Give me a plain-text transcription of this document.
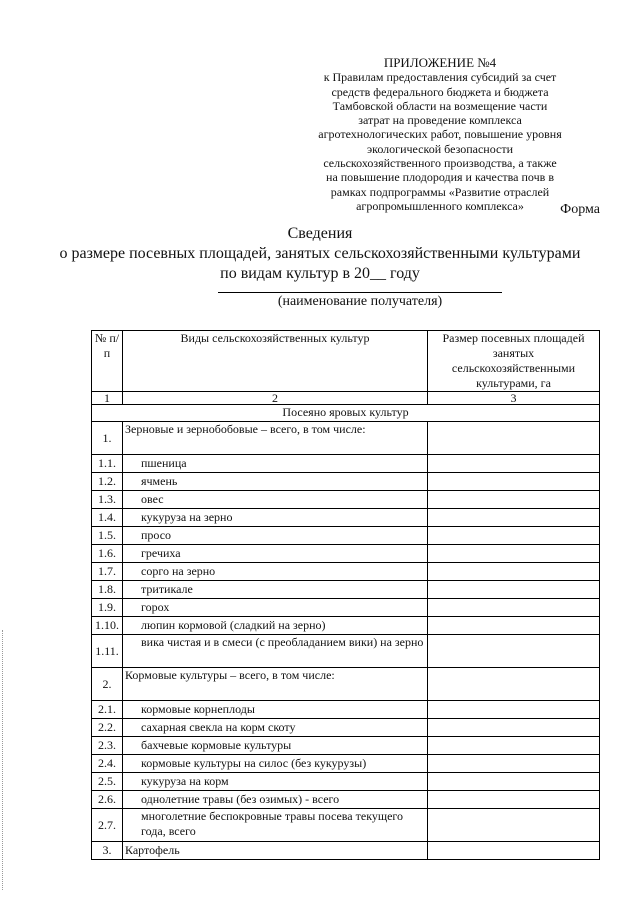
ПРИЛОЖЕНИЕ №4
к Правилам предоставления субсидий за счет
средств федерального бюджета и бюджета
Тамбовской области на возмещение части
затрат на проведение комплекса
агротехнологических работ, повышение уровня
экологической безопасности
сельскохозяйственного производства, а также
на повышение плодородия и качества почв в
рамках подпрограммы «Развитие отраслей
агропромышленного комплекса»	Форма
Сведения
о размере посевных площадей, занятых сельскохозяйственными культурами
по видам культур в 20__ году
(наименование получателя)
№ п/п	Виды сельскохозяйственных культур	Размер посевных площадей занятых сельскохозяйственными культурами, га
1	2	3
Посеяно яровых культур		
1.	Зерновые и зернобобовые – всего, в том числе:	
1.1.	пшеница	
1.2.	ячмень	
1.3.	овес	
1.4.	кукуруза на зерно	
1.5.	просо	
1.6.	гречиха	
1.7.	сорго на зерно	
1.8.	тритикале	
1.9.	горох	
1.10.	люпин кормовой (сладкий на зерно)	
1.11.	вика чистая и в смеси (с преобладанием вики) на зерно	
2.	Кормовые культуры – всего, в том числе:	
2.1.	кормовые корнеплоды	
2.2.	сахарная свекла на корм скоту	
2.3.	бахчевые кормовые культуры	
2.4.	кормовые культуры на силос (без кукурузы)	
2.5.	кукуруза на корм	
2.6.	однолетние травы (без озимых) - всего	
2.7.	многолетние беспокровные травы посева текущего года, всего	
3.	Картофель	
